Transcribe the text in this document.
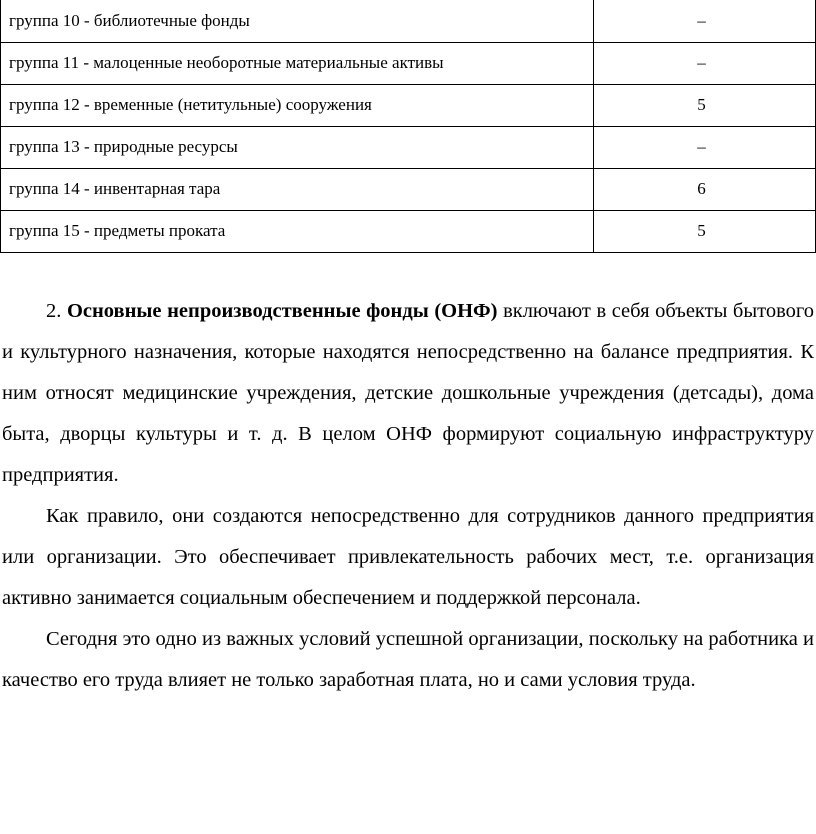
группа 10 - библиотечные фонды	–
группа 11 - малоценные необоротные материальные активы	–
группа 12 - временные (нетитульные) сооружения	5
группа 13 - природные ресурсы	–
группа 14 - инвентарная тара	6
группа 15 - предметы проката	5

2. Основные непроизводственные фонды (ОНФ) включают в себя объекты бытового и культурного назначения, которые находятся непосредственно на балансе предприятия. К ним относят медицинские учреждения, детские дошкольные учреждения (детсады), дома быта, дворцы культуры и т. д. В целом ОНФ формируют социальную инфраструктуру предприятия.

Как правило, они создаются непосредственно для сотрудников данного предприятия или организации. Это обеспечивает привлекательность рабочих мест, т.е. организация активно занимается социальным обеспечением и поддержкой персонала.

Сегодня это одно из важных условий успешной организации, поскольку на работника и качество его труда влияет не только заработная плата, но и сами условия труда.
